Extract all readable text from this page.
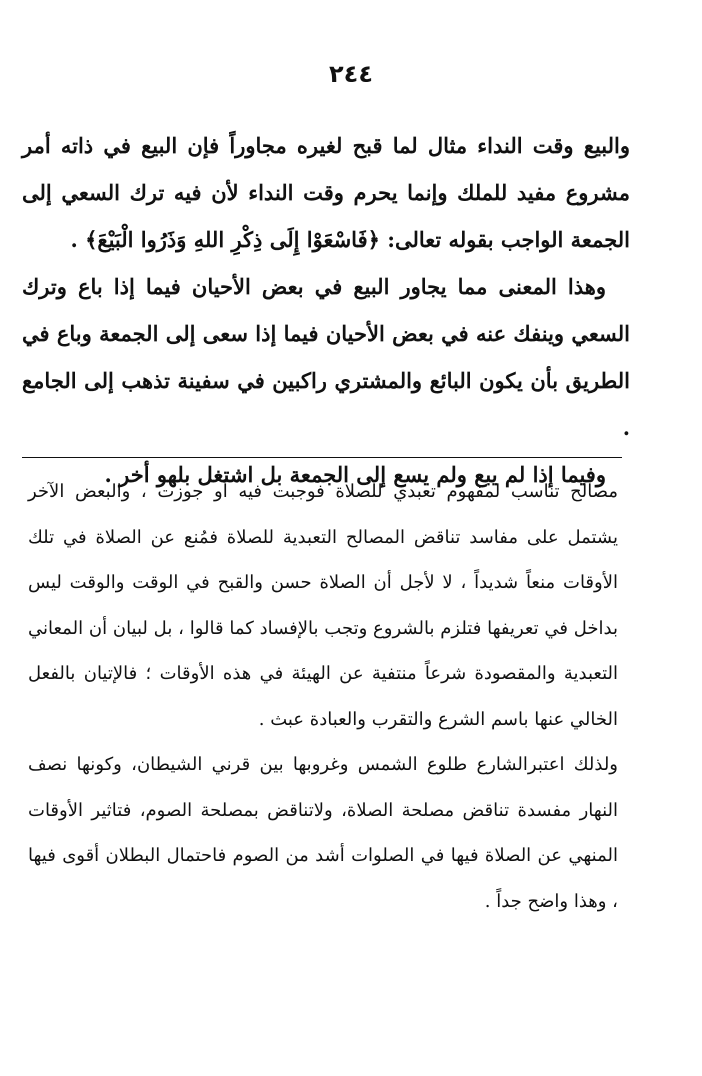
٢٤٤

والبيع وقت النداء مثال لما قبح لغيره مجاوراً فإن البيع في ذاته أمر مشروع مفيد للملك وإنما يحرم وقت النداء لأن فيه ترك السعي إلى الجمعة الواجب بقوله تعالى: ﴿فَاسْعَوْا إِلَى ذِكْرِ اللهِ وَذَرُوا الْبَيْعَ﴾ .

وهذا المعنى مما يجاور البيع في بعض الأحيان فيما إذا باع وترك السعي وينفك عنه في بعض الأحيان فيما إذا سعى إلى الجمعة وباع في الطريق بأن يكون البائع والمشتري راكبين في سفينة تذهب إلى الجامع .

وفيما إذا لم يبع ولم يسع إلى الجمعة بل اشتغل بلهو أخر .

مصالح تناسب لمفهوم تعبدي للصلاة فوجبت فيه أو جوزت ، والبعض الآخر يشتمل على مفاسد تناقض المصالح التعبدية للصلاة فمُنع عن الصلاة في تلك الأوقات منعاً شديداً ، لا لأجل أن الصلاة حسن والقبح في الوقت والوقت ليس بداخل في تعريفها فتلزم بالشروع وتجب بالإفساد كما قالوا ، بل لبيان أن المعاني التعبدية والمقصودة شرعاً منتفية عن الهيئة في هذه الأوقات ؛ فالإتيان بالفعل الخالي عنها باسم الشرع والتقرب والعبادة عبث .

ولذلك اعتبرالشارع طلوع الشمس وغروبها بين قرني الشيطان، وكونها نصف النهار مفسدة تناقض مصلحة الصلاة، ولاتناقض بمصلحة الصوم، فتاثير الأوقات المنهي عن الصلاة فيها في الصلوات أشد من الصوم فاحتمال البطلان أقوى فيها ، وهذا واضح جداً .
